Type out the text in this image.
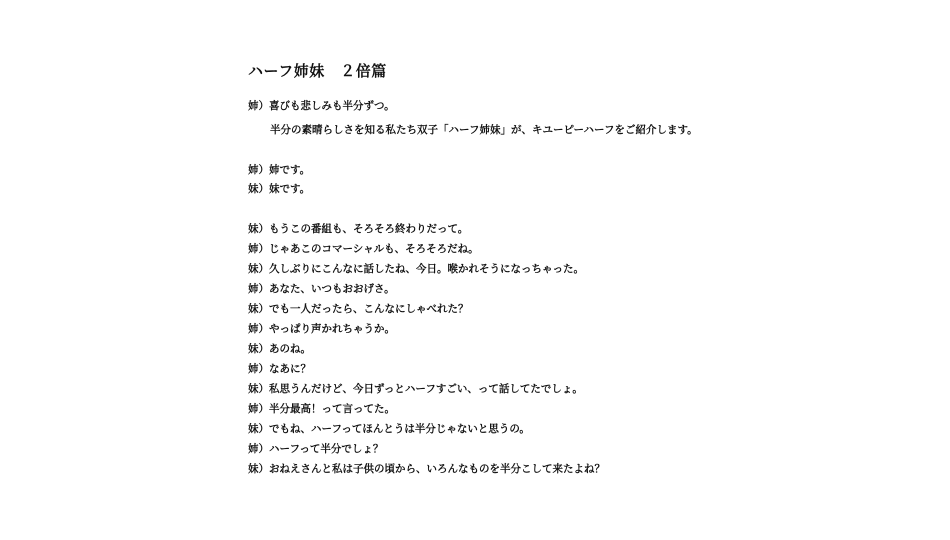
ハーフ姉妹　２倍篇
姉）喜びも悲しみも半分ずつ。
半分の素晴らしさを知る私たち双子「ハーフ姉妹」が、キユーピーハーフをご紹介します。
姉）姉です。
妹）妹です。
妹）もうこの番組も、そろそろ終わりだって。
姉）じゃあこのコマーシャルも、そろそろだね。
妹）久しぶりにこんなに話したね、今日。喉かれそうになっちゃった。
姉）あなた、いつもおおげさ。
妹）でも一人だったら、こんなにしゃべれた？
姉）やっぱり声かれちゃうか。
妹）あのね。
姉）なあに？
妹）私思うんだけど、今日ずっとハーフすごい、って話してたでしょ。
姉）半分最高！って言ってた。
妹）でもね、ハーフってほんとうは半分じゃないと思うの。
姉）ハーフって半分でしょ？
妹）おねえさんと私は子供の頃から、いろんなものを半分こして来たよね？
